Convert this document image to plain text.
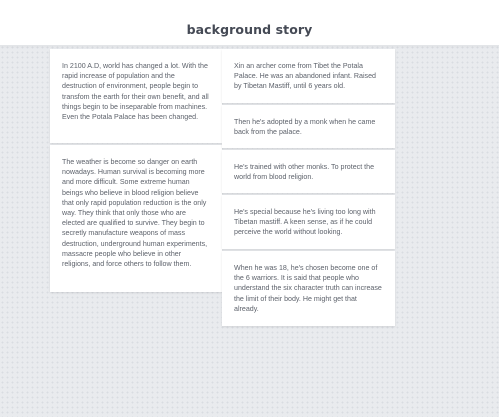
background story

In 2100 A.D, world has changed a lot. With the rapid increase of population and the destruction of environment, people begin to transfom the earth for their own benefit, and all things begin to be inseparable from machines. Even the Potala Palace has been changed.

The weather is become so danger on earth nowadays. Human survival is becoming more and more difficult. Some extreme human beings who believe in blood religion believe that only rapid population reduction is the only way. They think that only those who are elected are qualified to survive. They begin to secretly manufacture weapons of mass destruction, underground human experiments, massacre people who believe in other religions, and force others to follow them.

Xin an archer come from Tibet the Potala Palace. He was an abandoned infant. Raised by Tibetan Mastiff, until 6 years old.

Then he's adopted by a monk when he came back from the palace.

He's trained with other monks. To protect the world from blood religion.

He's special because he's living too long with Tibetan mastiff. A keen sense, as if he could perceive the world without looking.

When he was 18, he's chosen become one of the 6 warriors. It is said that people who understand the six character truth can increase the limit of their body. He might get that already.
